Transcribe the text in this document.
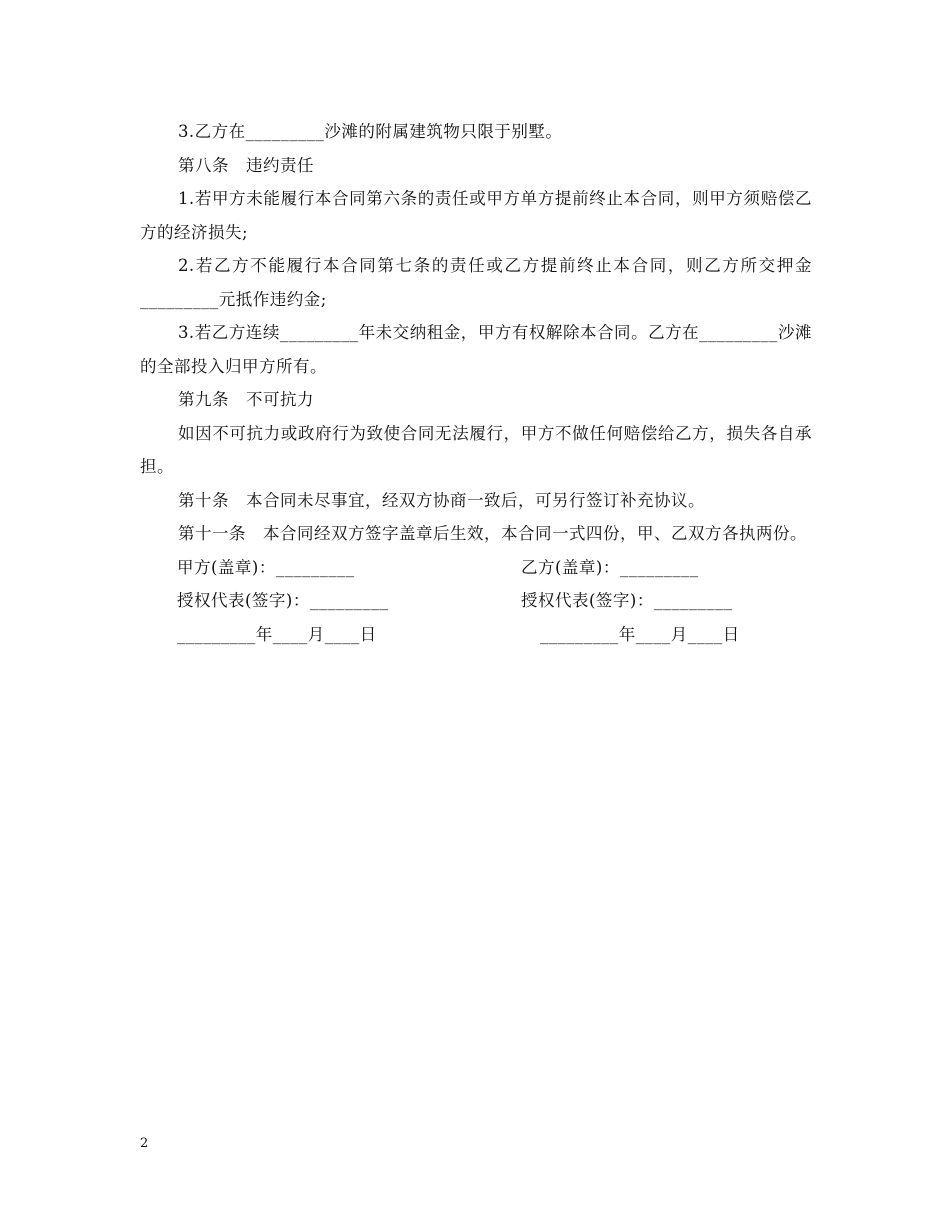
3.乙方在_________沙滩的附属建筑物只限于别墅。

第八条　违约责任

1.若甲方未能履行本合同第六条的责任或甲方单方提前终止本合同，则甲方须赔偿乙方的经济损失;

2.若乙方不能履行本合同第七条的责任或乙方提前终止本合同，则乙方所交押金_________元抵作违约金;

3.若乙方连续_________年未交纳租金，甲方有权解除本合同。乙方在_________沙滩的全部投入归甲方所有。

第九条　不可抗力

如因不可抗力或政府行为致使合同无法履行，甲方不做任何赔偿给乙方，损失各自承担。

第十条　本合同未尽事宜，经双方协商一致后，可另行签订补充协议。

第十一条　本合同经双方签字盖章后生效，本合同一式四份，甲、乙双方各执两份。

甲方(盖章)：_________	乙方(盖章)：_________
授权代表(签字)：_________	授权代表(签字)：_________
_________年____月____日	_________年____月____日
2
